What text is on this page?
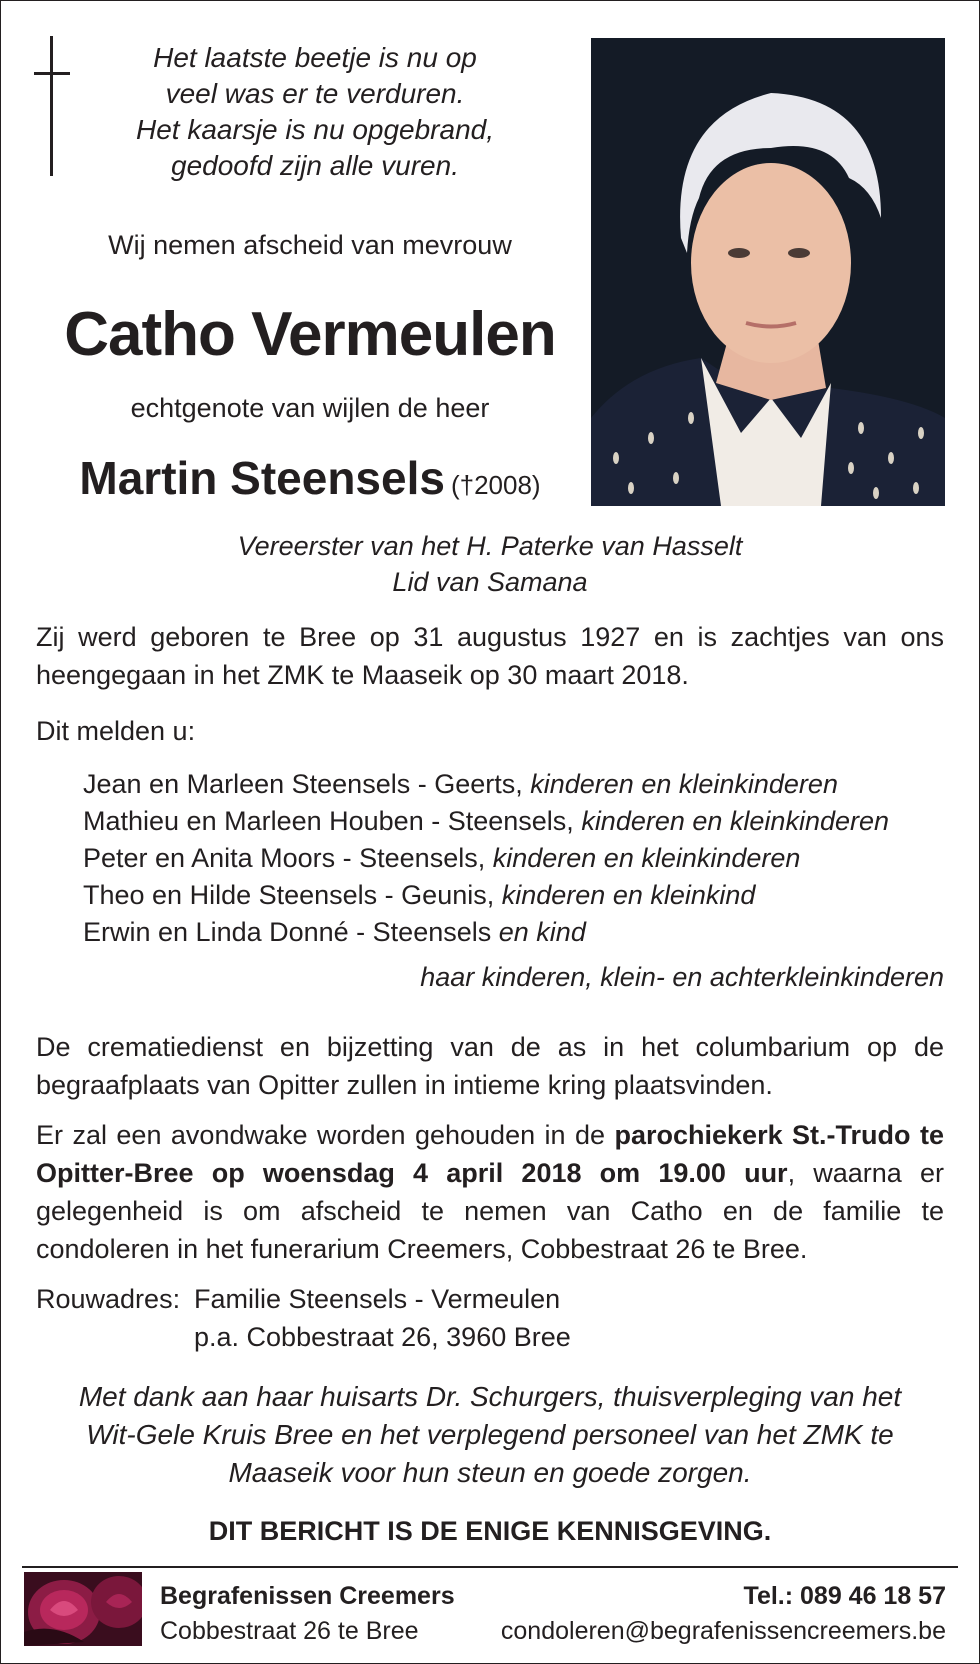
Het laatste beetje is nu op
veel was er te verduren.
Het kaarsje is nu opgebrand,
gedoofd zijn alle vuren.
Wij nemen afscheid van mevrouw
Catho Vermeulen
echtgenote van wijlen de heer
Martin Steensels (†2008)
Vereerster van het H. Paterke van Hasselt
Lid van Samana
Zij werd geboren te Bree op 31 augustus 1927 en is zachtjes van ons heengegaan in het ZMK te Maaseik op 30 maart 2018.
Dit melden u:
Jean en Marleen Steensels - Geerts, kinderen en kleinkinderen
Mathieu en Marleen Houben - Steensels, kinderen en kleinkinderen
Peter en Anita Moors - Steensels, kinderen en kleinkinderen
Theo en Hilde Steensels - Geunis, kinderen en kleinkind
Erwin en Linda Donné - Steensels en kind
haar kinderen, klein- en achterkleinkinderen
De crematiedienst en bijzetting van de as in het columbarium op de begraafplaats van Opitter zullen in intieme kring plaatsvinden.
Er zal een avondwake worden gehouden in de parochiekerk St.-Trudo te Opitter-Bree op woensdag 4 april 2018 om 19.00 uur, waarna er gelegenheid is om afscheid te nemen van Catho en de familie te condoleren in het funerarium Creemers, Cobbestraat 26 te Bree.
Rouwadres: Familie Steensels - Vermeulen
p.a. Cobbestraat 26, 3960 Bree
Met dank aan haar huisarts Dr. Schurgers, thuisverpleging van het Wit-Gele Kruis Bree en het verplegend personeel van het ZMK te Maaseik voor hun steun en goede zorgen.
DIT BERICHT IS DE ENIGE KENNISGEVING.
Begrafenissen Creemers
Cobbestraat 26 te Bree
Tel.: 089 46 18 57
condoleren@begrafenissencreemers.be
